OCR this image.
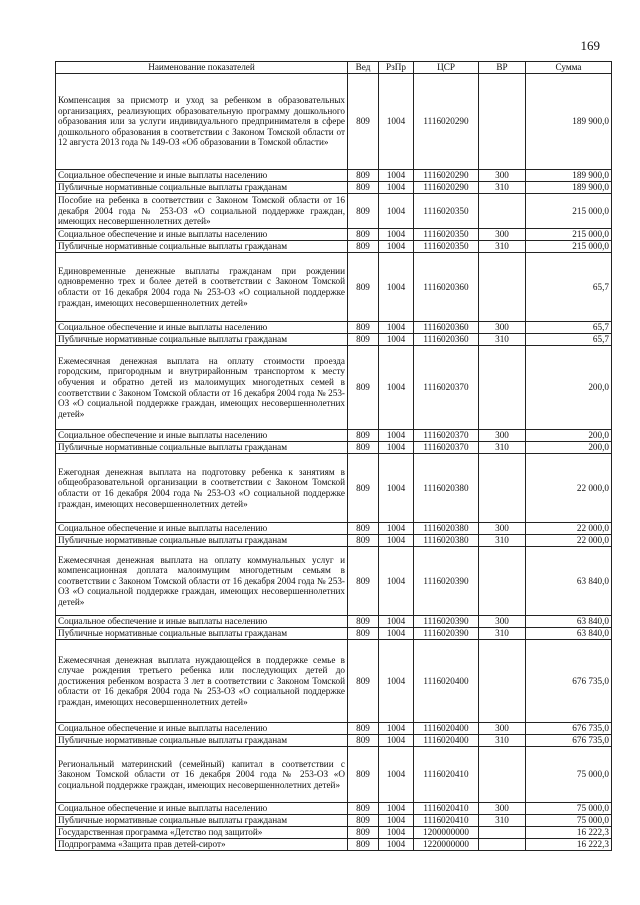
169
Наименование показателей	Вед	РзПр	ЦСР	ВР	Сумма
Компенсация за присмотр и уход за ребенком в образовательных организациях, реализующих образовательную программу дошкольного образования или за услуги индивидуального предпринимателя в сфере дошкольного образования в соответствии с Законом Томской области от 12 августа 2013 года № 149-ОЗ «Об образовании в Томской области»	809	1004	1116020290		189 900,0
Социальное обеспечение и иные выплаты населению	809	1004	1116020290	300	189 900,0
Публичные нормативные социальные выплаты гражданам	809	1004	1116020290	310	189 900,0
Пособие на ребенка в соответствии с Законом Томской области от 16 декабря 2004 года № 253-ОЗ «О социальной поддержке граждан, имеющих несовершеннолетних детей»	809	1004	1116020350		215 000,0
Социальное обеспечение и иные выплаты населению	809	1004	1116020350	300	215 000,0
Публичные нормативные социальные выплаты гражданам	809	1004	1116020350	310	215 000,0
Единовременные денежные выплаты гражданам при рождении одновременно трех и более детей в соответствии с Законом Томской области от 16 декабря 2004 года № 253-ОЗ «О социальной поддержке граждан, имеющих несовершеннолетних детей»	809	1004	1116020360		65,7
Социальное обеспечение и иные выплаты населению	809	1004	1116020360	300	65,7
Публичные нормативные социальные выплаты гражданам	809	1004	1116020360	310	65,7
Ежемесячная денежная выплата на оплату стоимости проезда городским, пригородным и внутрирайонным транспортом к месту обучения и обратно детей из малоимущих многодетных семей в соответствии с Законом Томской области от 16 декабря 2004 года № 253-ОЗ «О социальной поддержке граждан, имеющих несовершеннолетних детей»	809	1004	1116020370		200,0
Социальное обеспечение и иные выплаты населению	809	1004	1116020370	300	200,0
Публичные нормативные социальные выплаты гражданам	809	1004	1116020370	310	200,0
Ежегодная денежная выплата на подготовку ребенка к занятиям в общеобразовательной организации в соответствии с Законом Томской области от 16 декабря 2004 года № 253-ОЗ «О социальной поддержке граждан, имеющих несовершеннолетних детей»	809	1004	1116020380		22 000,0
Социальное обеспечение и иные выплаты населению	809	1004	1116020380	300	22 000,0
Публичные нормативные социальные выплаты гражданам	809	1004	1116020380	310	22 000,0
Ежемесячная денежная выплата на оплату коммунальных услуг и компенсационная доплата малоимущим многодетным семьям в соответствии с Законом Томской области от 16 декабря 2004 года № 253-ОЗ «О социальной поддержке граждан, имеющих несовершеннолетних детей»	809	1004	1116020390		63 840,0
Социальное обеспечение и иные выплаты населению	809	1004	1116020390	300	63 840,0
Публичные нормативные социальные выплаты гражданам	809	1004	1116020390	310	63 840,0
Ежемесячная денежная выплата нуждающейся в поддержке семье в случае рождения третьего ребенка или последующих детей до достижения ребенком возраста 3 лет в соответствии с Законом Томской области от 16 декабря 2004 года № 253-ОЗ «О социальной поддержке граждан, имеющих несовершеннолетних детей»	809	1004	1116020400		676 735,0
Социальное обеспечение и иные выплаты населению	809	1004	1116020400	300	676 735,0
Публичные нормативные социальные выплаты гражданам	809	1004	1116020400	310	676 735,0
Региональный материнский (семейный) капитал в соответствии с Законом Томской области от 16 декабря 2004 года № 253-ОЗ «О социальной поддержке граждан, имеющих несовершеннолетних детей»	809	1004	1116020410		75 000,0
Социальное обеспечение и иные выплаты населению	809	1004	1116020410	300	75 000,0
Публичные нормативные социальные выплаты гражданам	809	1004	1116020410	310	75 000,0
Государственная программа «Детство под защитой»	809	1004	1200000000		16 222,3
Подпрограмма «Защита прав детей-сирот»	809	1004	1220000000		16 222,3
